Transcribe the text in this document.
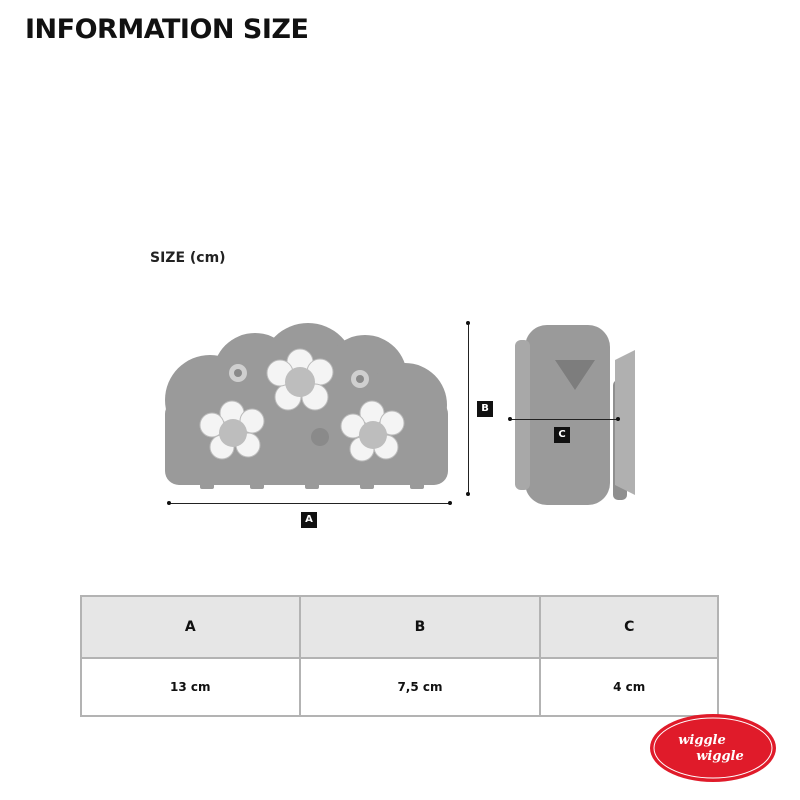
INFORMATION SIZE
SIZE (cm)
A
B
C
A	B	C
13 cm	7,5 cm	4 cm
wiggle
wiggle
